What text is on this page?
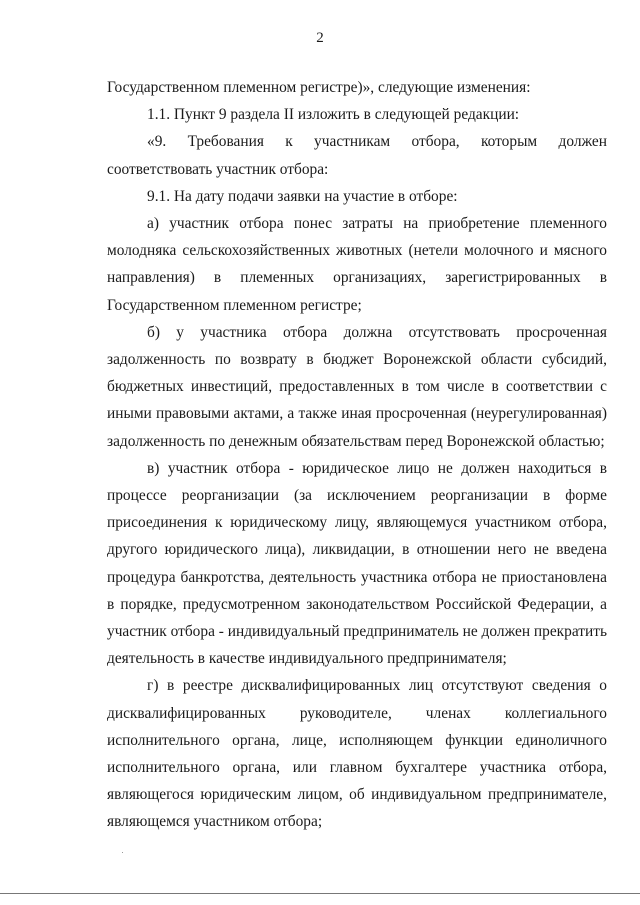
2

Государственном племенном регистре)», следующие изменения:

1.1. Пункт 9 раздела II изложить в следующей редакции:

«9. Требования к участникам отбора, которым должен соответствовать участник отбора:

9.1. На дату подачи заявки на участие в отборе:

а) участник отбора понес затраты на приобретение племенного молодняка сельскохозяйственных животных (нетели молочного и мясного направления) в племенных организациях, зарегистрированных в Государственном племенном регистре;

б) у участника отбора должна отсутствовать просроченная задолженность по возврату в бюджет Воронежской области субсидий, бюджетных инвестиций, предоставленных в том числе в соответствии с иными правовыми актами, а также иная просроченная (неурегулированная) задолженность по денежным обязательствам перед Воронежской областью;

в) участник отбора - юридическое лицо не должен находиться в процессе реорганизации (за исключением реорганизации в форме присоединения к юридическому лицу, являющемуся участником отбора, другого юридического лица), ликвидации, в отношении него не введена процедура банкротства, деятельность участника отбора не приостановлена в порядке, предусмотренном законодательством Российской Федерации, а участник отбора - индивидуальный предприниматель не должен прекратить деятельность в качестве индивидуального предпринимателя;

г) в реестре дисквалифицированных лиц отсутствуют сведения о дисквалифицированных руководителе, членах коллегиального исполнительного органа, лице, исполняющем функции единоличного исполнительного органа, или главном бухгалтере участника отбора, являющегося юридическим лицом, об индивидуальном предпринимателе, являющемся участником отбора;
